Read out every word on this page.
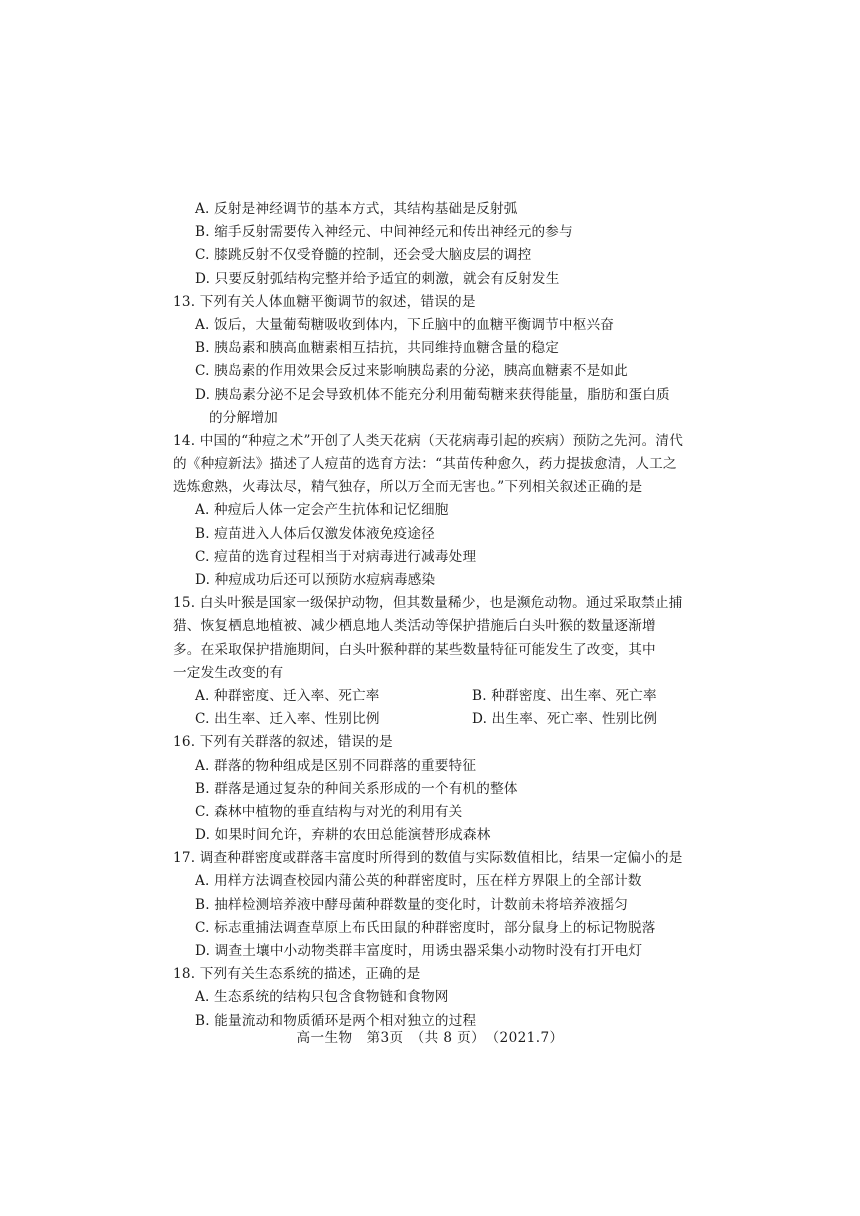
A. 反射是神经调节的基本方式，其结构基础是反射弧
B. 缩手反射需要传入神经元、中间神经元和传出神经元的参与
C. 膝跳反射不仅受脊髓的控制，还会受大脑皮层的调控
D. 只要反射弧结构完整并给予适宜的刺激，就会有反射发生
13. 下列有关人体血糖平衡调节的叙述，错误的是
A. 饭后，大量葡萄糖吸收到体内，下丘脑中的血糖平衡调节中枢兴奋
B. 胰岛素和胰高血糖素相互拮抗，共同维持血糖含量的稳定
C. 胰岛素的作用效果会反过来影响胰岛素的分泌，胰高血糖素不是如此
D. 胰岛素分泌不足会导致机体不能充分利用葡萄糖来获得能量，脂肪和蛋白质
的分解增加
14. 中国的“种痘之术”开创了人类天花病（天花病毒引起的疾病）预防之先河。清代
的《种痘新法》描述了人痘苗的选育方法：“其苗传种愈久，药力提拔愈清，人工之
选炼愈熟，火毒汰尽，精气独存，所以万全而无害也。”下列相关叙述正确的是
A. 种痘后人体一定会产生抗体和记忆细胞
B. 痘苗进入人体后仅激发体液免疫途径
C. 痘苗的选育过程相当于对病毒进行减毒处理
D. 种痘成功后还可以预防水痘病毒感染
15. 白头叶猴是国家一级保护动物，但其数量稀少，也是濒危动物。通过采取禁止捕
猎、恢复栖息地植被、减少栖息地人类活动等保护措施后白头叶猴的数量逐渐增
多。在采取保护措施期间，白头叶猴种群的某些数量特征可能发生了改变，其中
一定发生改变的有
A. 种群密度、迁入率、死亡率	B. 种群密度、出生率、死亡率
C. 出生率、迁入率、性别比例	D. 出生率、死亡率、性别比例
16. 下列有关群落的叙述，错误的是
A. 群落的物种组成是区别不同群落的重要特征
B. 群落是通过复杂的种间关系形成的一个有机的整体
C. 森林中植物的垂直结构与对光的利用有关
D. 如果时间允许，弃耕的农田总能演替形成森林
17. 调查种群密度或群落丰富度时所得到的数值与实际数值相比，结果一定偏小的是
A. 用样方法调查校园内蒲公英的种群密度时，压在样方界限上的全部计数
B. 抽样检测培养液中酵母菌种群数量的变化时，计数前未将培养液摇匀
C. 标志重捕法调查草原上布氏田鼠的种群密度时，部分鼠身上的标记物脱落
D. 调查土壤中小动物类群丰富度时，用诱虫器采集小动物时没有打开电灯
18. 下列有关生态系统的描述，正确的是
A. 生态系统的结构只包含食物链和食物网
B. 能量流动和物质循环是两个相对独立的过程
高一生物　第3页　（共 8 页）　（2021.7）
